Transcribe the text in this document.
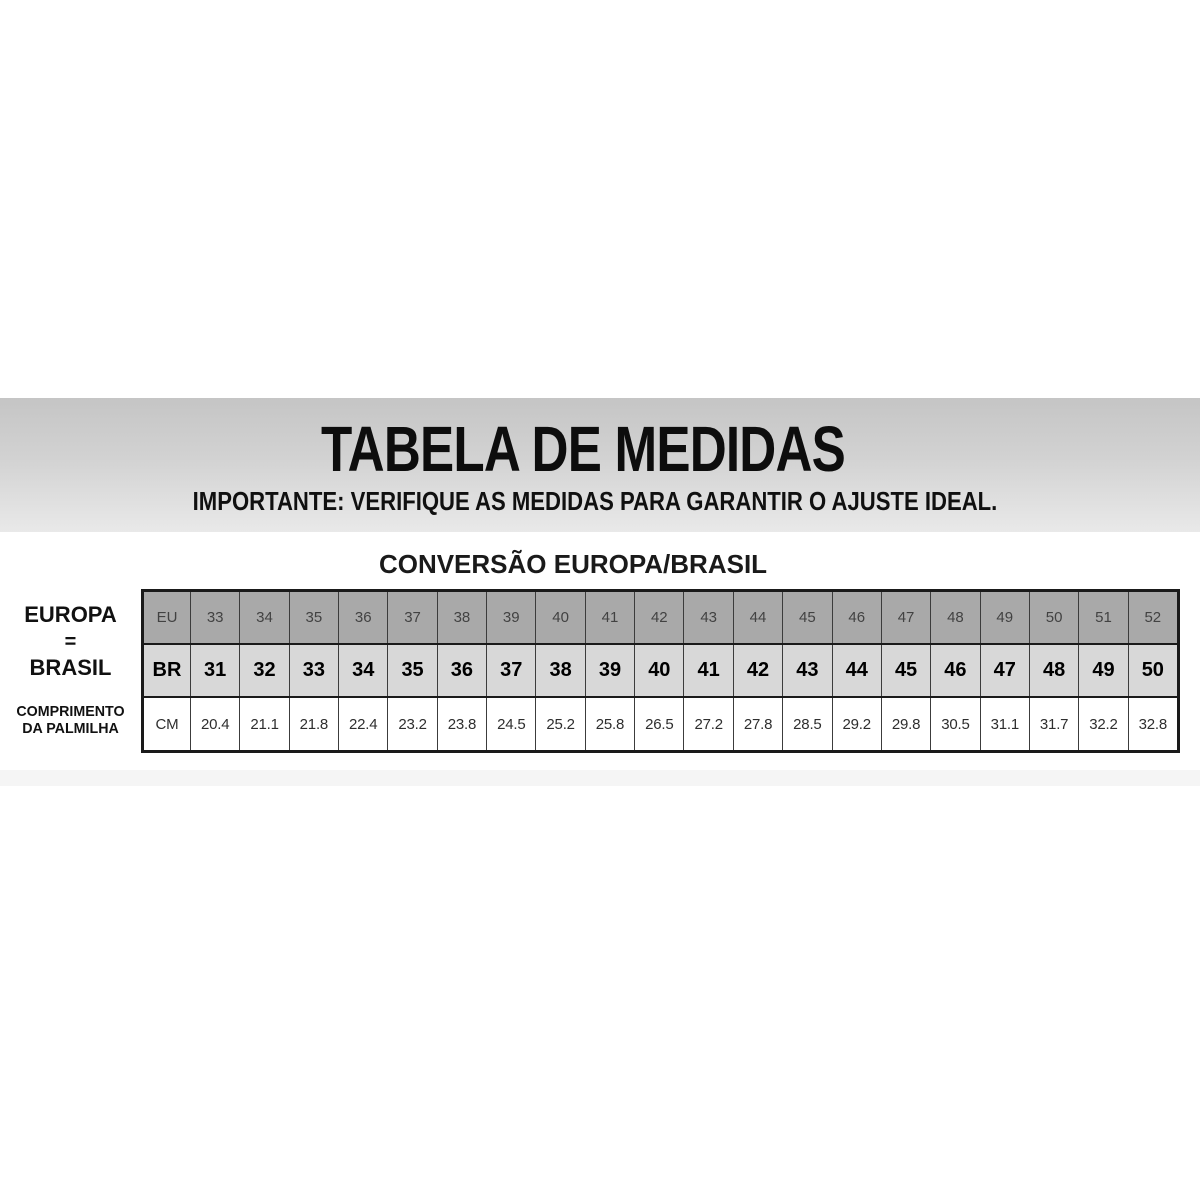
TABELA DE MEDIDAS
IMPORTANTE: VERIFIQUE AS MEDIDAS PARA GARANTIR O AJUSTE IDEAL.
CONVERSÃO EUROPA/BRASIL
EUROPA
=
BRASIL
COMPRIMENTO
DA PALMILHA
EU	33	34	35	36	37	38	39	40	41	42	43	44	45	46	47	48	49	50	51	52
BR	31	32	33	34	35	36	37	38	39	40	41	42	43	44	45	46	47	48	49	50
CM	20.4	21.1	21.8	22.4	23.2	23.8	24.5	25.2	25.8	26.5	27.2	27.8	28.5	29.2	29.8	30.5	31.1	31.7	32.2	32.8
